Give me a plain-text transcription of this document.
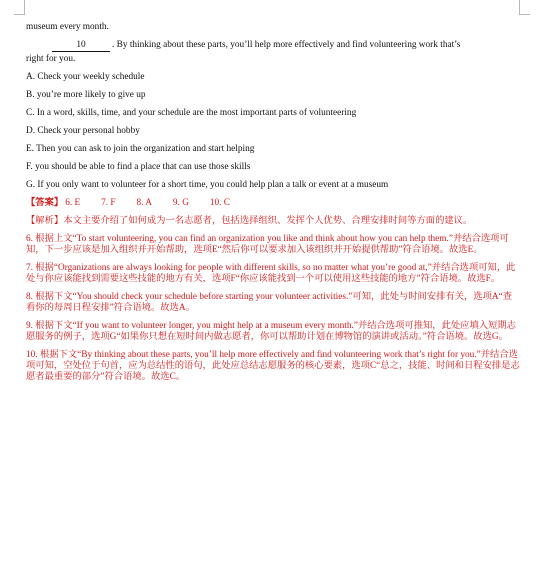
museum every month.

10	. By thinking about these parts, you’ll help more effectively and find volunteering work that’s

right for you.

A. Check your weekly schedule

B. you’re more likely to give up

C. In a word, skills, time, and your schedule are the most important parts of volunteering

D. Check your personal hobby

E. Then you can ask to join the organization and start helping

F. you should be able to find a place that can use those skills

G. If you only want to volunteer for a short time, you could help plan a talk or event at a museum

【答案】 6. E   7. F   8. A   9. G   10. C

【解析】本文主要介绍了如何成为一名志愿者，包括选择组织、发挥个人优势、合理安排时间等方面的建议。

6. 根据上文“To start volunteering, you can find an organization you like and think about how you can help them.”并结合选项可知，下一步应该是加入组织并开始帮助，选项E“然后你可以要求加入该组织并开始提供帮助”符合语境。故选E。

7. 根据“Organizations are always looking for people with different skills, so no matter what you’re good at,”并结合选项可知，此处与你应该能找到需要这些技能的地方有关，选项F“你应该能找到一个可以使用这些技能的地方”符合语境。故选F。

8. 根据下文“You should check your schedule before starting your volunteer activities.”可知，此处与时间安排有关，选项A“查看你的每周日程安排”符合语境。故选A。

9. 根据下文“If you want to volunteer longer, you might help at a museum every month.”并结合选项可推知，此处应填入短期志愿服务的例子，选项G“如果你只想在短时间内做志愿者，你可以帮助计划在博物馆的演讲或活动。”符合语境。故选G。

10. 根据下文“By thinking about these parts, you’ll help more effectively and find volunteering work that’s right for you.”并结合选项可知，空处位于句首，应为总结性的语句，此处应总结志愿服务的核心要素，选项C“总之，技能、时间和日程安排是志愿者最重要的部分”符合语境。故选C。
